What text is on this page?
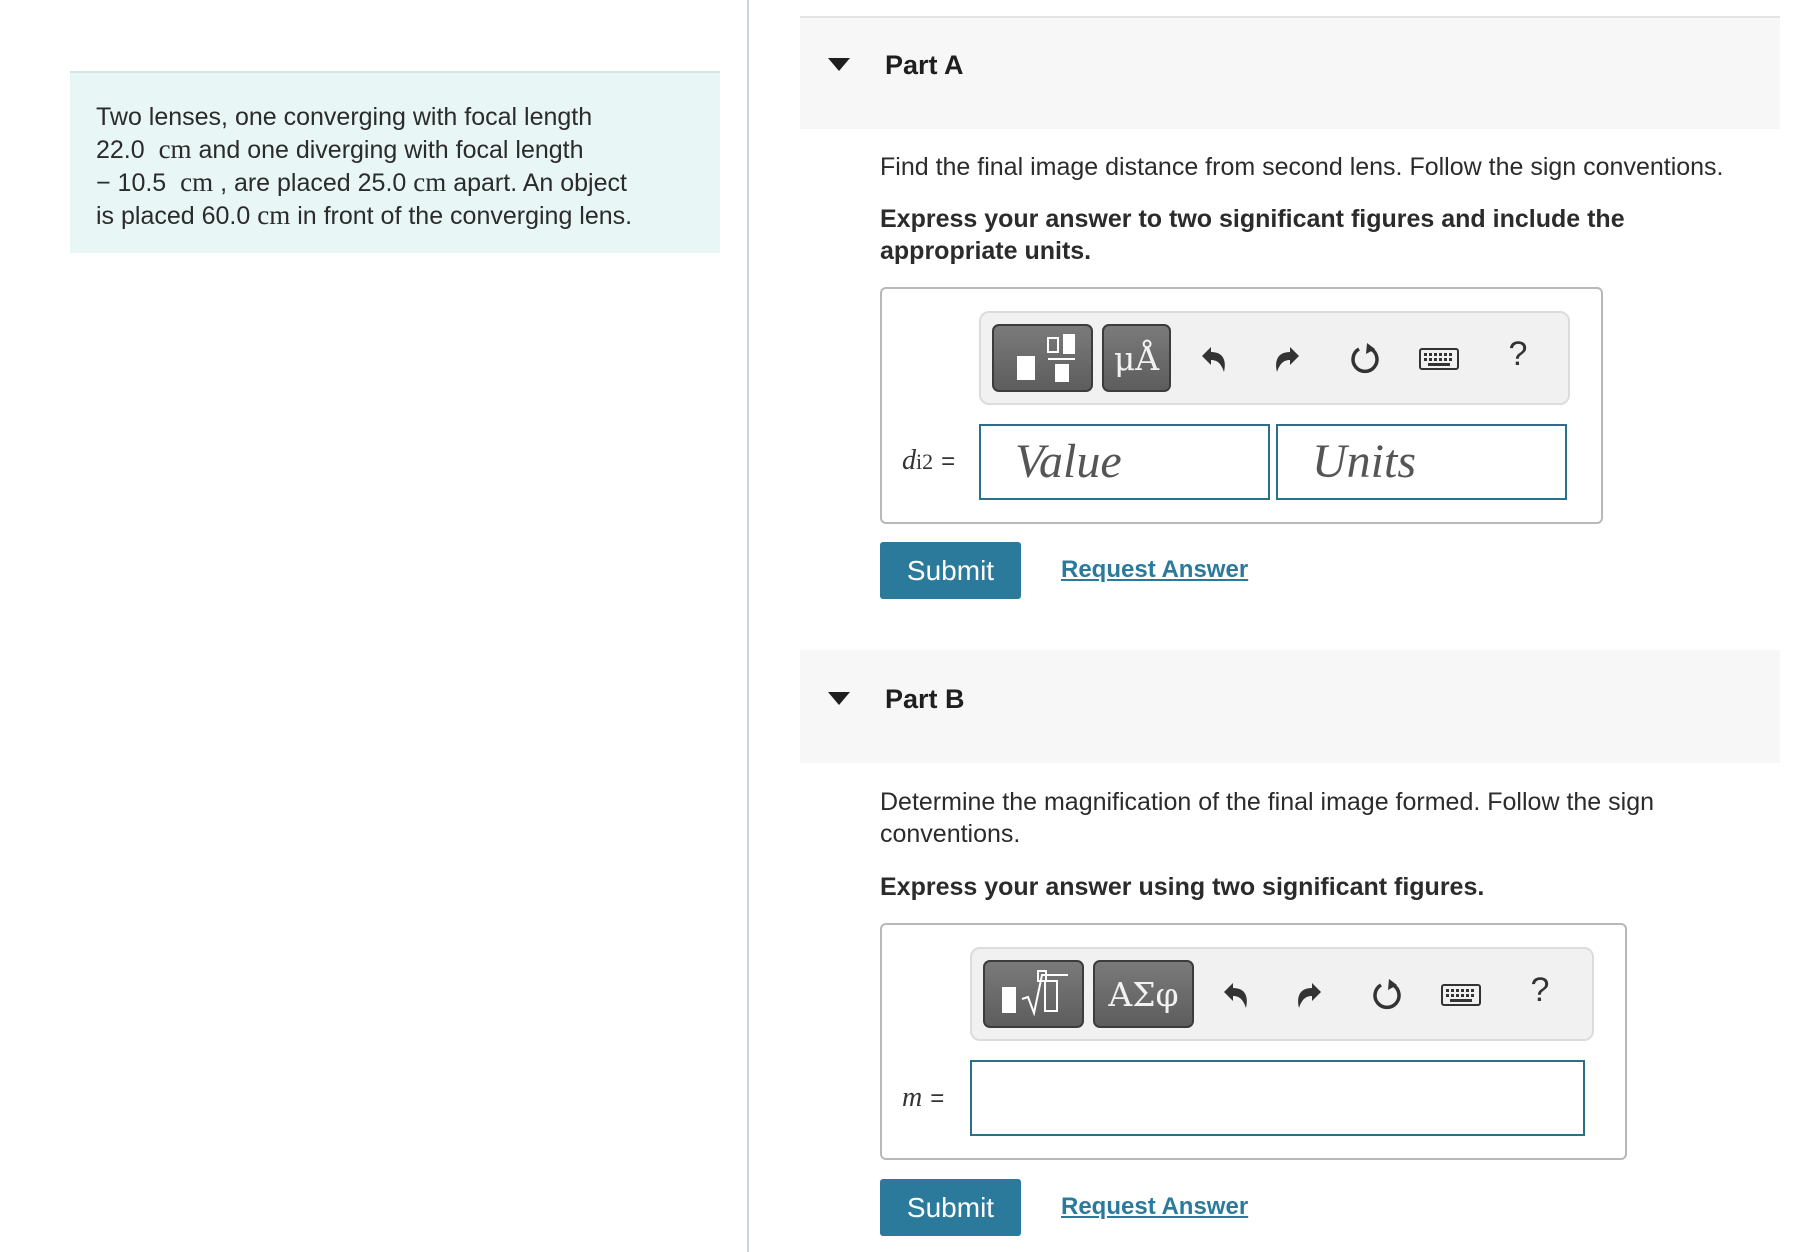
Two lenses, one converging with focal length
22.0 cm and one diverging with focal length
− 10.5 cm , are placed 25.0 cm apart. An object
is placed 60.0 cm in front of the converging lens.
Part A
Find the final image distance from second lens. Follow the sign conventions.
Express your answer to two significant figures and include the appropriate units.
μÅ	?
di2 =	Value	Units
Submit	Request Answer
Part B
Determine the magnification of the final image formed. Follow the sign conventions.
Express your answer using two significant figures.
ΑΣφ	?
m =
Submit	Request Answer
